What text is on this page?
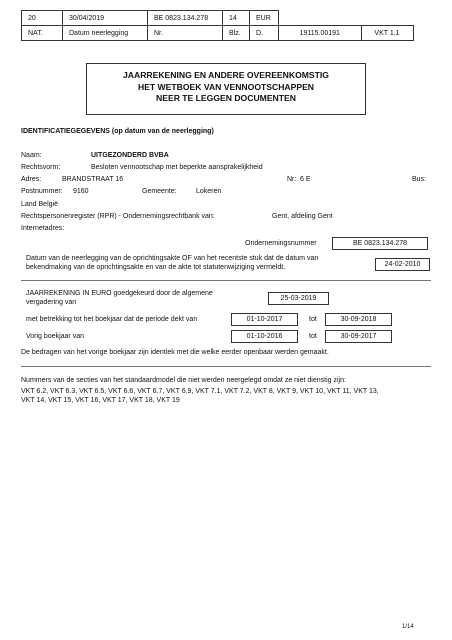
20	30/04/2019	BE 0823.134.278	14	EUR		
NAT.	Datum neerlegging	Nr.	Blz.	D.	19115.00191	VKT 1.1
JAARREKENING EN ANDERE OVEREENKOMSTIG
HET WETBOEK VAN VENNOOTSCHAPPEN
NEER TE LEGGEN DOCUMENTEN
IDENTIFICATIEGEGEVENS (op datum van de neerlegging)
Naam:	UITGEZONDERD BVBA
Rechtsvorm:	Besloten vennootschap met beperkte aansprakelijkheid
Adres:	BRANDSTRAAT 16	Nr: 6 E	Bus:
Postnummer: 9160	Gemeente:	Lokeren
Land België
Rechtspersonenregister (RPR) - Ondernemingsrechtbank van:	Gent, afdeling Gent
Internetadres:
Ondernemingsnummer	BE 0823.134.278
Datum van de neerlegging van de oprichtingsakte OF van het recentste stuk dat de datum van
bekendmaking van de oprichtingsakte en van de akte tot statutenwijziging vermeldt.	24-02-2010
JAARREKENING IN EURO goedgekeurd door de algemene
vergadering van
25-03-2019
met betrekking tot het boekjaar dat de periode dekt van	01-10-2017	tot	30-09-2018
Vorig boekjaar van	01-10-2016	tot	30-09-2017
De bedragen van het vorige boekjaar zijn identiek met die welke eerder openbaar werden gemaakt.
Nummers van de secties van het standaardmodel die niet werden neergelegd omdat ze niet dienstig zijn:
VKT 6.2, VKT 6.3, VKT 6.5, VKT 6.6, VKT 6.7, VKT 6.9, VKT 7.1, VKT 7.2, VKT 8, VKT 9, VKT 10, VKT 11, VKT 13,
VKT 14, VKT 15, VKT 16, VKT 17, VKT 18, VKT 19
1/14
